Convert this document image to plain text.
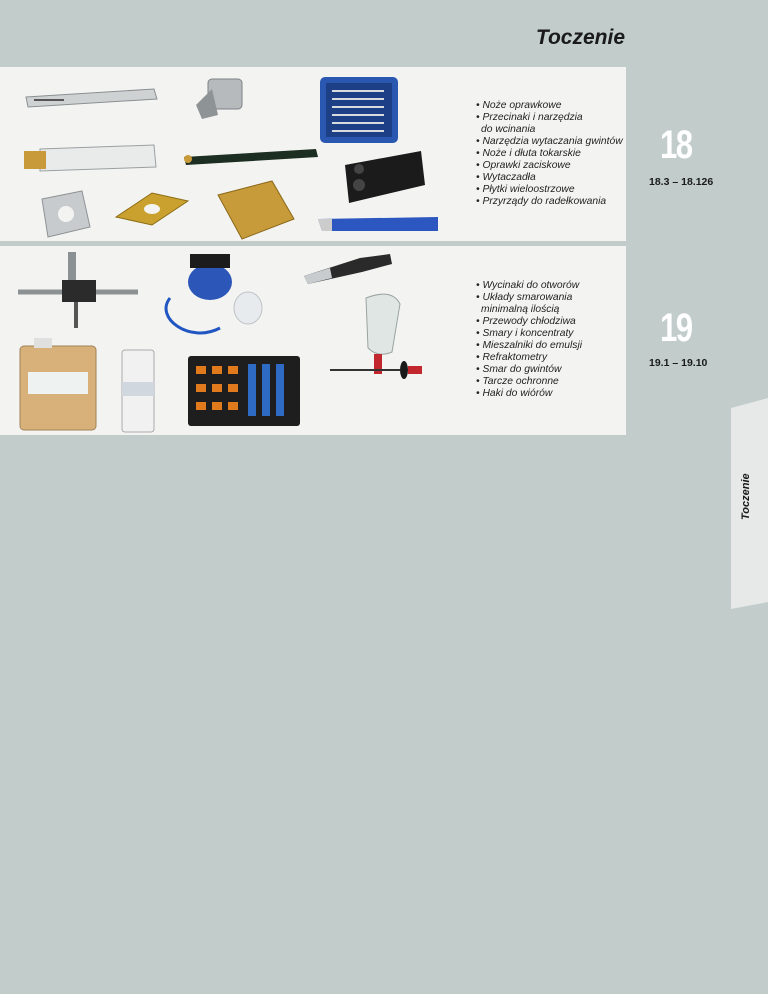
Toczenie
• Noże oprawkowe
• Przecinaki i narzędzia
do wcinania
• Narzędzia wytaczania gwintów
• Noże i dłuta tokarskie
• Oprawki zaciskowe
• Wytaczadła
• Płytki wieloostrzowe
• Przyrządy do radełkowania
• Wycinaki do otworów
• Układy smarowania
minimalną ilością
• Przewody chłodziwa
• Smary i koncentraty
• Mieszalniki do emulsji
• Refraktometry
• Smar do gwintów
• Tarcze ochronne
• Haki do wiórów
18
18.3 – 18.126
19
19.1 – 19.10
Toczenie
